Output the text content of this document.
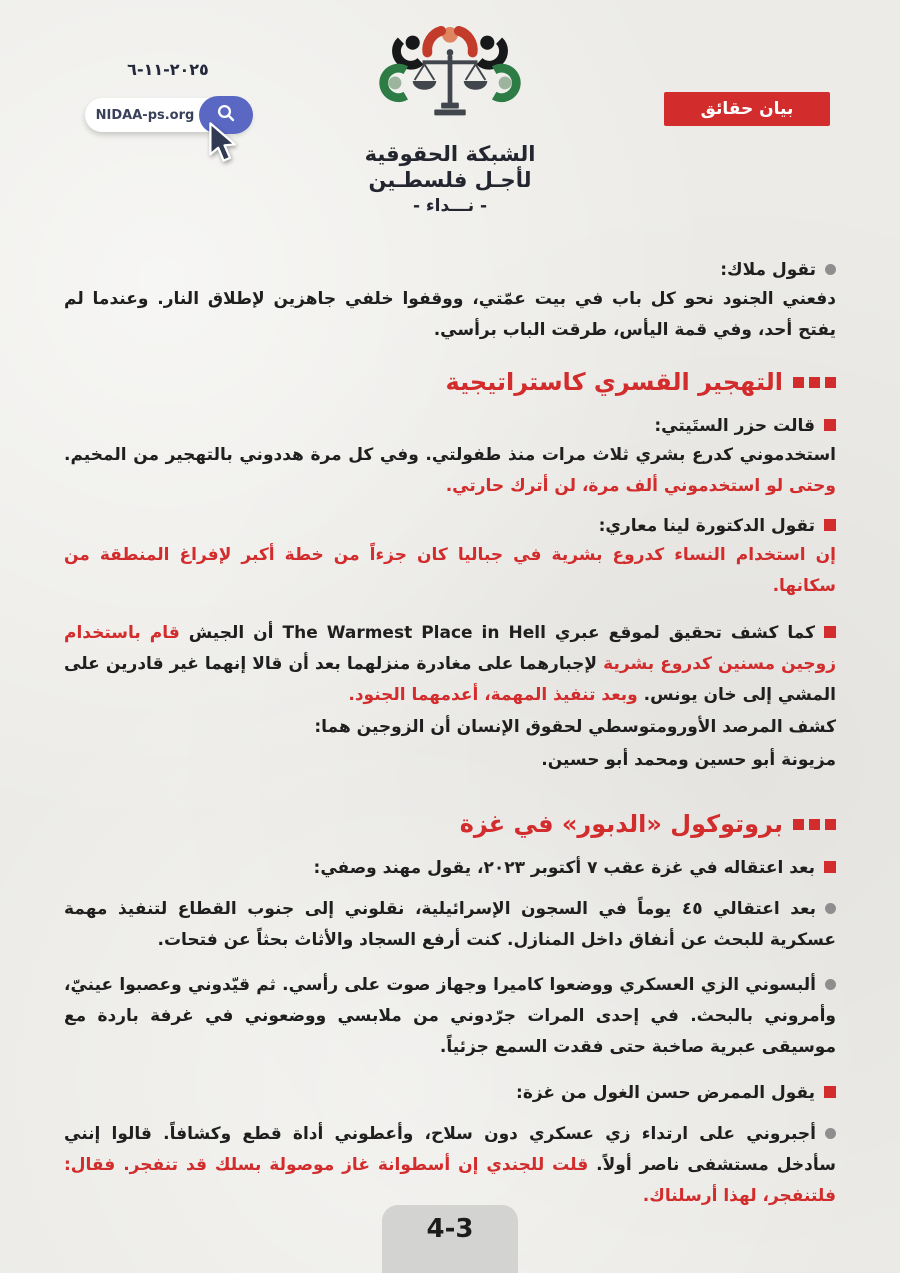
٢٠٢٥-١١-٦
NIDAA-ps.org
الشبكة الحقوقية
لأجـل فلسطـين
- نـــداء -
بيان حقائق
تقول ملاك:

دفعني الجنود نحو كل باب في بيت عمّتي، ووقفوا خلفي جاهزين لإطلاق النار. وعندما لم يفتح أحد، وفي قمة اليأس، طرقت الباب برأسي.

التهجير القسري كاستراتيجية
قالت حزر الستَيتي:

استخدموني كدرع بشري ثلاث مرات منذ طفولتي. وفي كل مرة هددوني بالتهجير من المخيم. وحتى لو استخدموني ألف مرة، لن أترك حارتي.

تقول الدكتورة لينا معاري:

إن استخدام النساء كدروع بشرية في جباليا كان جزءاً من خطة أكبر لإفراغ المنطقة من سكانها.

كما كشف تحقيق لموقع عبري The Warmest Place in Hell أن الجيش قام باستخدام زوجين مسنين كدروع بشرية لإجبارهما على مغادرة منزلهما بعد أن قالا إنهما غير قادرين على المشي إلى خان يونس. وبعد تنفيذ المهمة، أعدمهما الجنود.

كشف المرصد الأورومتوسطي لحقوق الإنسان أن الزوجين هما:

مزيونة أبو حسين ومحمد أبو حسين.

بروتوكول «الدبور» في غزة
بعد اعتقاله في غزة عقب ٧ أكتوبر ٢٠٢٣، يقول مهند وصفي:

بعد اعتقالي ٤٥ يوماً في السجون الإسرائيلية، نقلوني إلى جنوب القطاع لتنفيذ مهمة عسكرية للبحث عن أنفاق داخل المنازل. كنت أرفع السجاد والأثاث بحثاً عن فتحات.

ألبسوني الزي العسكري ووضعوا كاميرا وجهاز صوت على رأسي. ثم قيّدوني وعصبوا عينيّ، وأمروني بالبحث. في إحدى المرات جرّدوني من ملابسي ووضعوني في غرفة باردة مع موسيقى عبرية صاخبة حتى فقدت السمع جزئياً.

يقول الممرض حسن الغول من غزة:

أجبروني على ارتداء زي عسكري دون سلاح، وأعطوني أداة قطع وكشافاً. قالوا إنني سأدخل مستشفى ناصر أولاً. قلت للجندي إن أسطوانة غاز موصولة بسلك قد تنفجر. فقال: فلتنفجر، لهذا أرسلناك.

4-3
